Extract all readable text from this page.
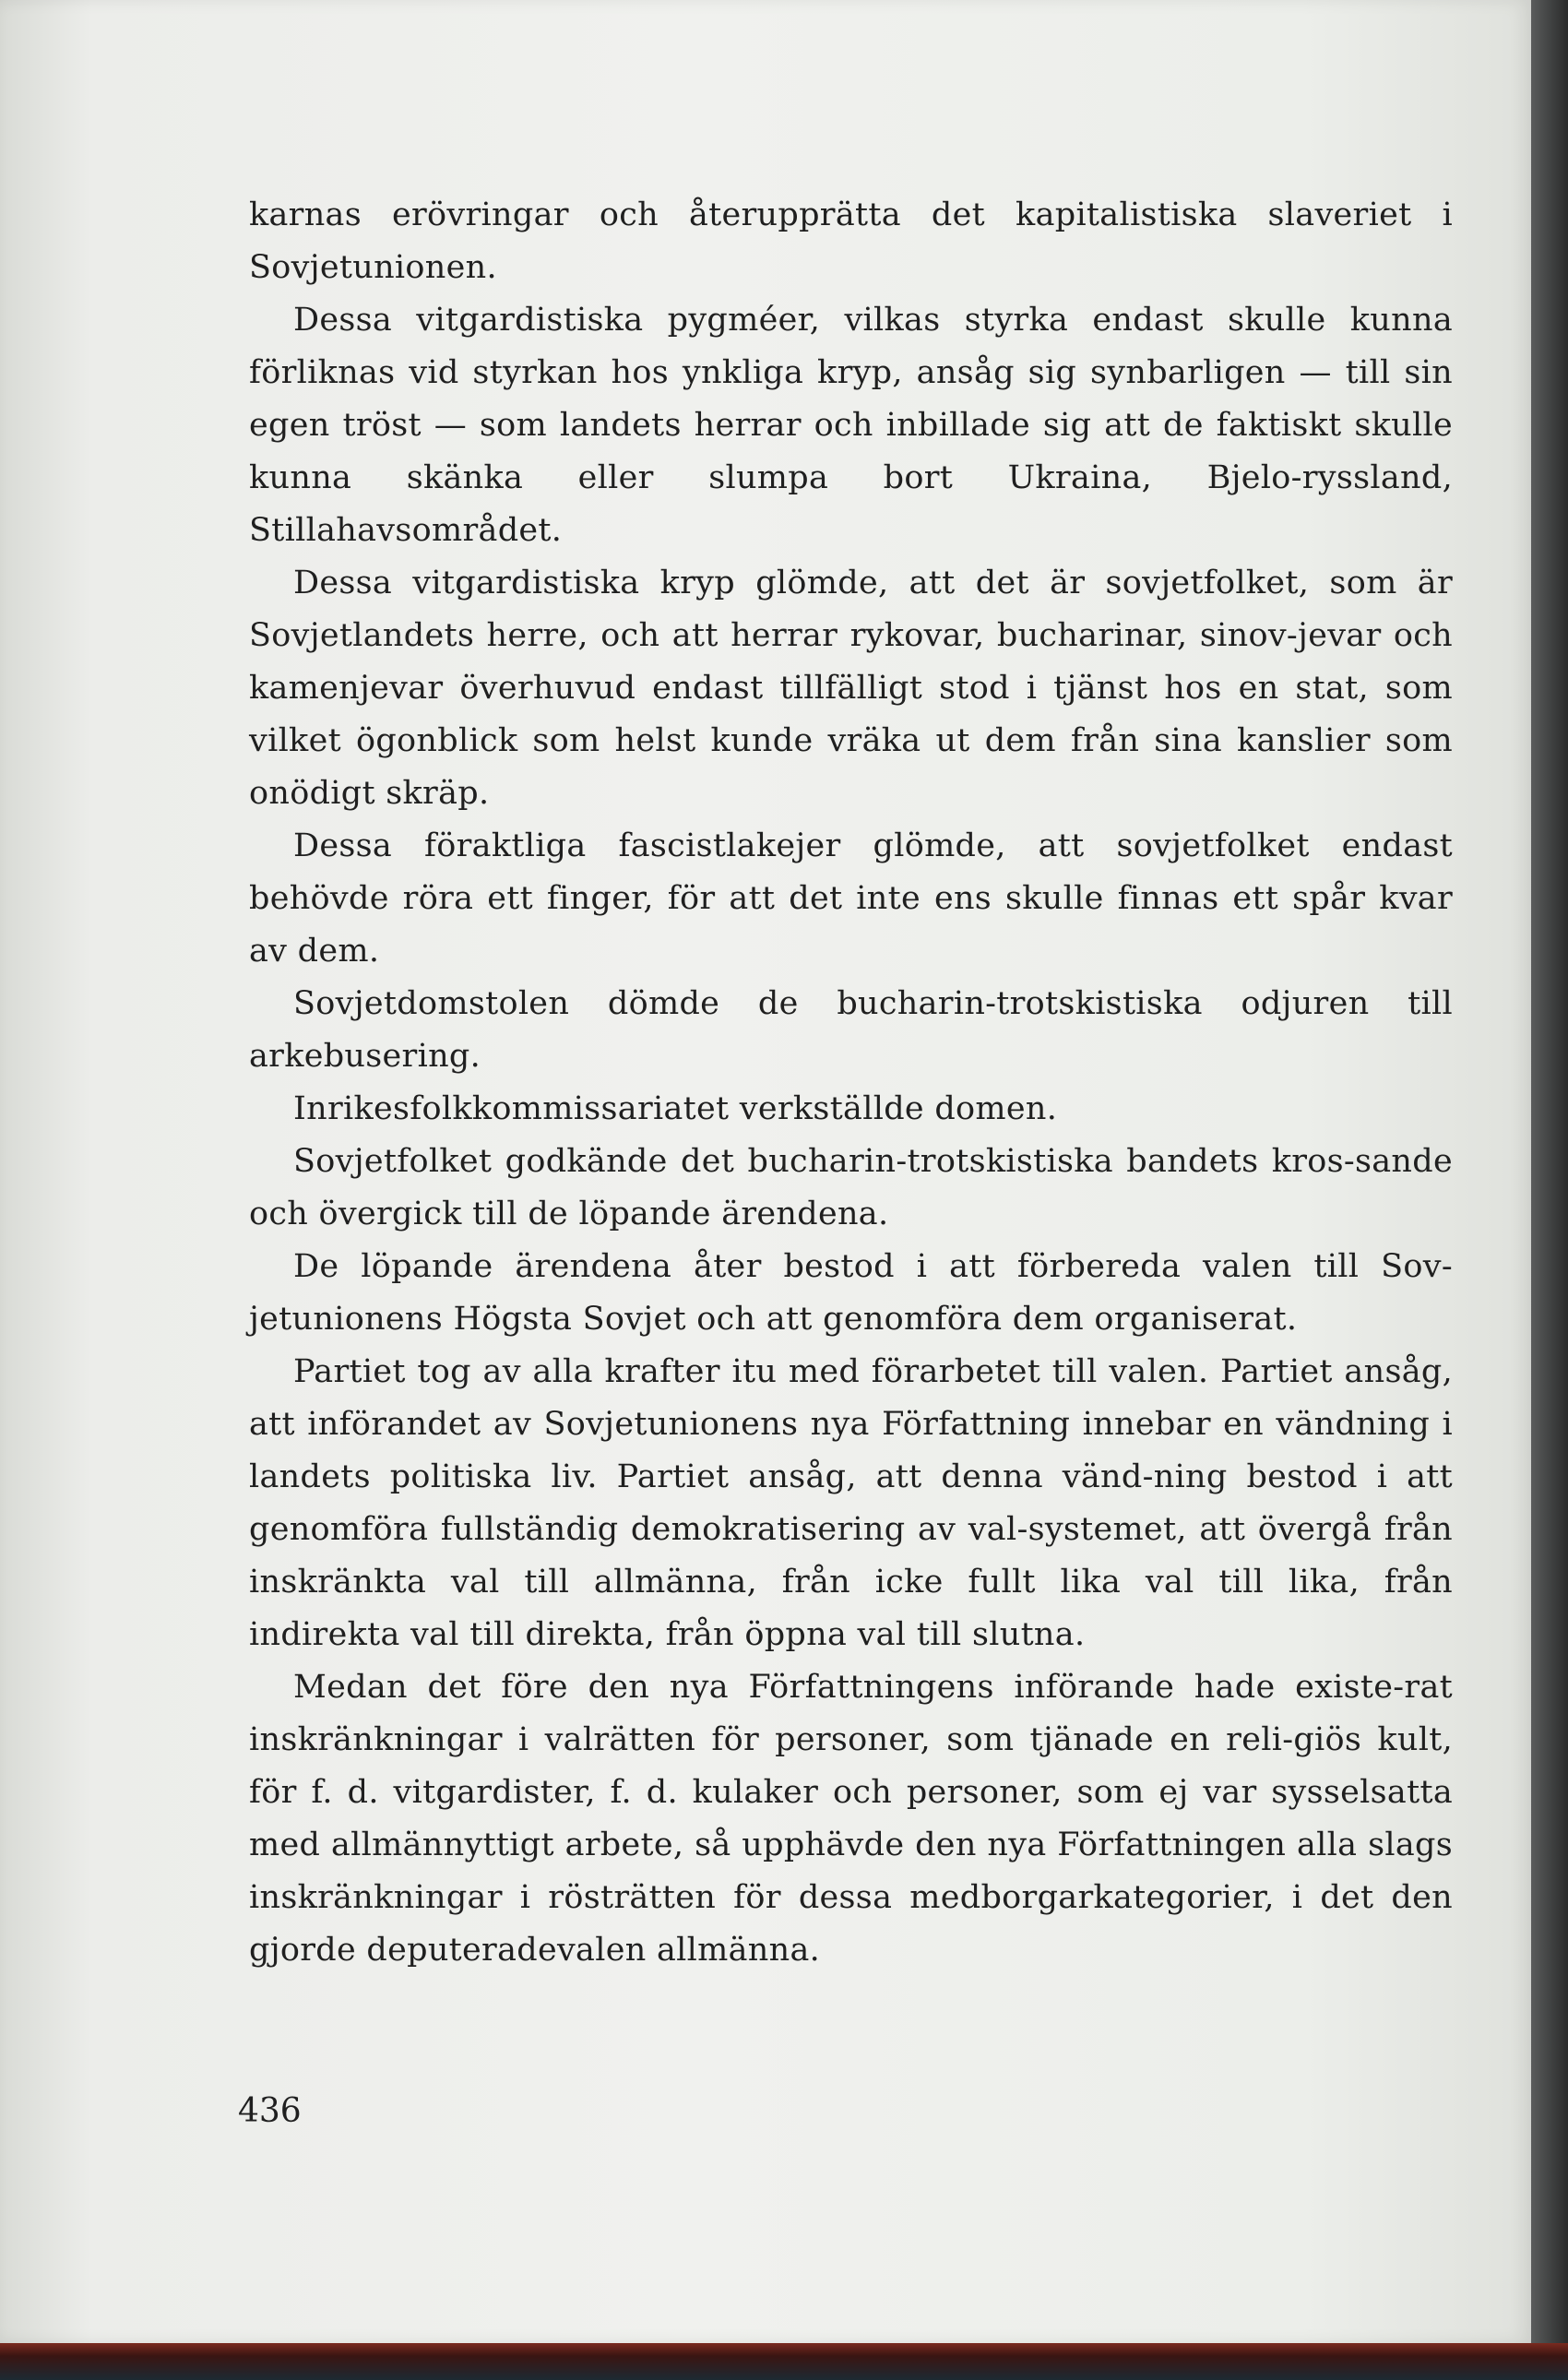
karnas erövringar och återupprätta det kapitalistiska slaveriet i Sovjetunionen.

Dessa vitgardistiska pygméer, vilkas styrka endast skulle kunna förliknas vid styrkan hos ynkliga kryp, ansåg sig synbarligen — till sin egen tröst — som landets herrar och inbillade sig att de faktiskt skulle kunna skänka eller slumpa bort Ukraina, Bjelo-ryssland, Stillahavsområdet.

Dessa vitgardistiska kryp glömde, att det är sovjetfolket, som är Sovjetlandets herre, och att herrar rykovar, bucharinar, sinov-jevar och kamenjevar överhuvud endast tillfälligt stod i tjänst hos en stat, som vilket ögonblick som helst kunde vräka ut dem från sina kanslier som onödigt skräp.

Dessa föraktliga fascistlakejer glömde, att sovjetfolket endast behövde röra ett finger, för att det inte ens skulle finnas ett spår kvar av dem.

Sovjetdomstolen dömde de bucharin-trotskistiska odjuren till arkebusering.

Inrikesfolkkommissariatet verkställde domen.

Sovjetfolket godkände det bucharin-trotskistiska bandets kros-sande och övergick till de löpande ärendena.

De löpande ärendena åter bestod i att förbereda valen till Sov-jetunionens Högsta Sovjet och att genomföra dem organiserat.

Partiet tog av alla krafter itu med förarbetet till valen. Partiet ansåg, att införandet av Sovjetunionens nya Författning innebar en vändning i landets politiska liv. Partiet ansåg, att denna vänd-ning bestod i att genomföra fullständig demokratisering av val-systemet, att övergå från inskränkta val till allmänna, från icke fullt lika val till lika, från indirekta val till direkta, från öppna val till slutna.

Medan det före den nya Författningens införande hade existe-rat inskränkningar i valrätten för personer, som tjänade en reli-giös kult, för f. d. vitgardister, f. d. kulaker och personer, som ej var sysselsatta med allmännyttigt arbete, så upphävde den nya Författningen alla slags inskränkningar i rösträtten för dessa medborgarkategorier, i det den gjorde deputeradevalen allmänna.

436
